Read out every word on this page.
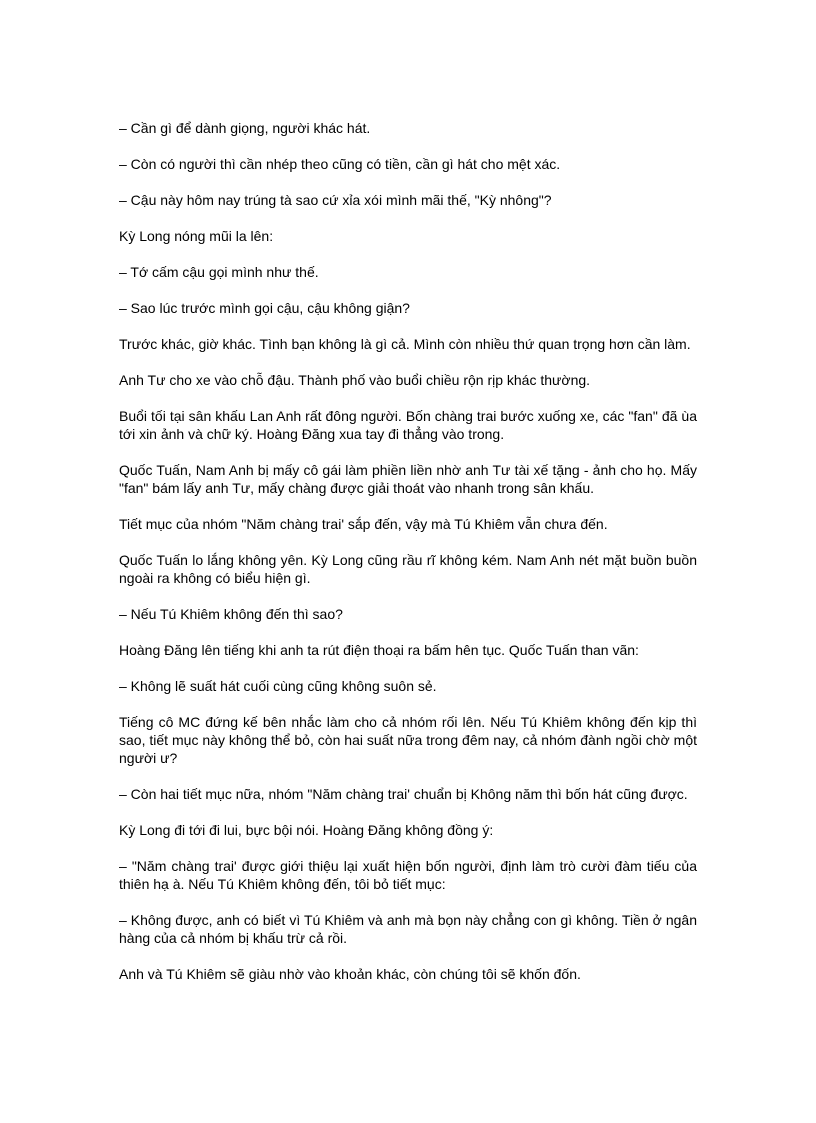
– Cần gì để dành giọng, người khác hát.

– Còn có người thì cần nhép theo cũng có tiền, cần gì hát cho mệt xác.

– Cậu này hôm nay trúng tà sao cứ xỉa xói mình mãi thế, "Kỳ nhông"?

Kỳ Long nóng mũi la lên:

– Tớ cấm cậu gọi mình như thế.

– Sao lúc trước mình gọi cậu, cậu không giận?

Trước khác, giờ khác. Tình bạn không là gì cả. Mình còn nhiều thứ quan trọng hơn cần làm.

Anh Tư cho xe vào chỗ đậu. Thành phố vào buổi chiều rộn rịp khác thường.

Buổi tối tại sân khấu Lan Anh rất đông người. Bốn chàng trai bước xuống xe, các "fan" đã ùa tới xin ảnh và chữ ký. Hoàng Đăng xua tay đi thẳng vào trong.

Quốc Tuấn, Nam Anh bị mấy cô gái làm phiền liền nhờ anh Tư tài xế tặng - ảnh cho họ. Mấy "fan" bám lấy anh Tư, mấy chàng được giải thoát vào nhanh trong sân khấu.

Tiết mục của nhóm "Năm chàng trai' sắp đến, vậy mà Tú Khiêm vẫn chưa đến.

Quốc Tuấn lo lắng không yên. Kỳ Long cũng rầu rĩ không kém. Nam Anh nét mặt buồn buồn ngoài ra không có biểu hiện gì.

– Nếu Tú Khiêm không đến thì sao?

Hoàng Đăng lên tiếng khi anh ta rút điện thoại ra bấm hên tục. Quốc Tuấn than vãn:

– Không lẽ suất hát cuối cùng cũng không suôn sẻ.

Tiếng cô MC đứng kế bên nhắc làm cho cả nhóm rối lên. Nếu Tú Khiêm không đến kịp thì sao, tiết mục này không thể bỏ, còn hai suất nữa trong đêm nay, cả nhóm đành ngồi chờ một người ư?

– Còn hai tiết mục nữa, nhóm "Năm chàng trai' chuẩn bị Không năm thì bốn hát cũng được.

Kỳ Long đi tới đi lui, bực bội nói. Hoàng Đăng không đồng ý:

– "Năm chàng trai' được giới thiệu lại xuất hiện bốn người, định làm trò cười đàm tiếu của thiên hạ à. Nếu Tú Khiêm không đến, tôi bỏ tiết mục:

– Không được, anh có biết vì Tú Khiêm và anh mà bọn này chẳng con gì không. Tiền ở ngân hàng của cả nhóm bị khấu trừ cả rồi.

Anh và Tú Khiêm sẽ giàu nhờ vào khoản khác, còn chúng tôi sẽ khốn đốn.
